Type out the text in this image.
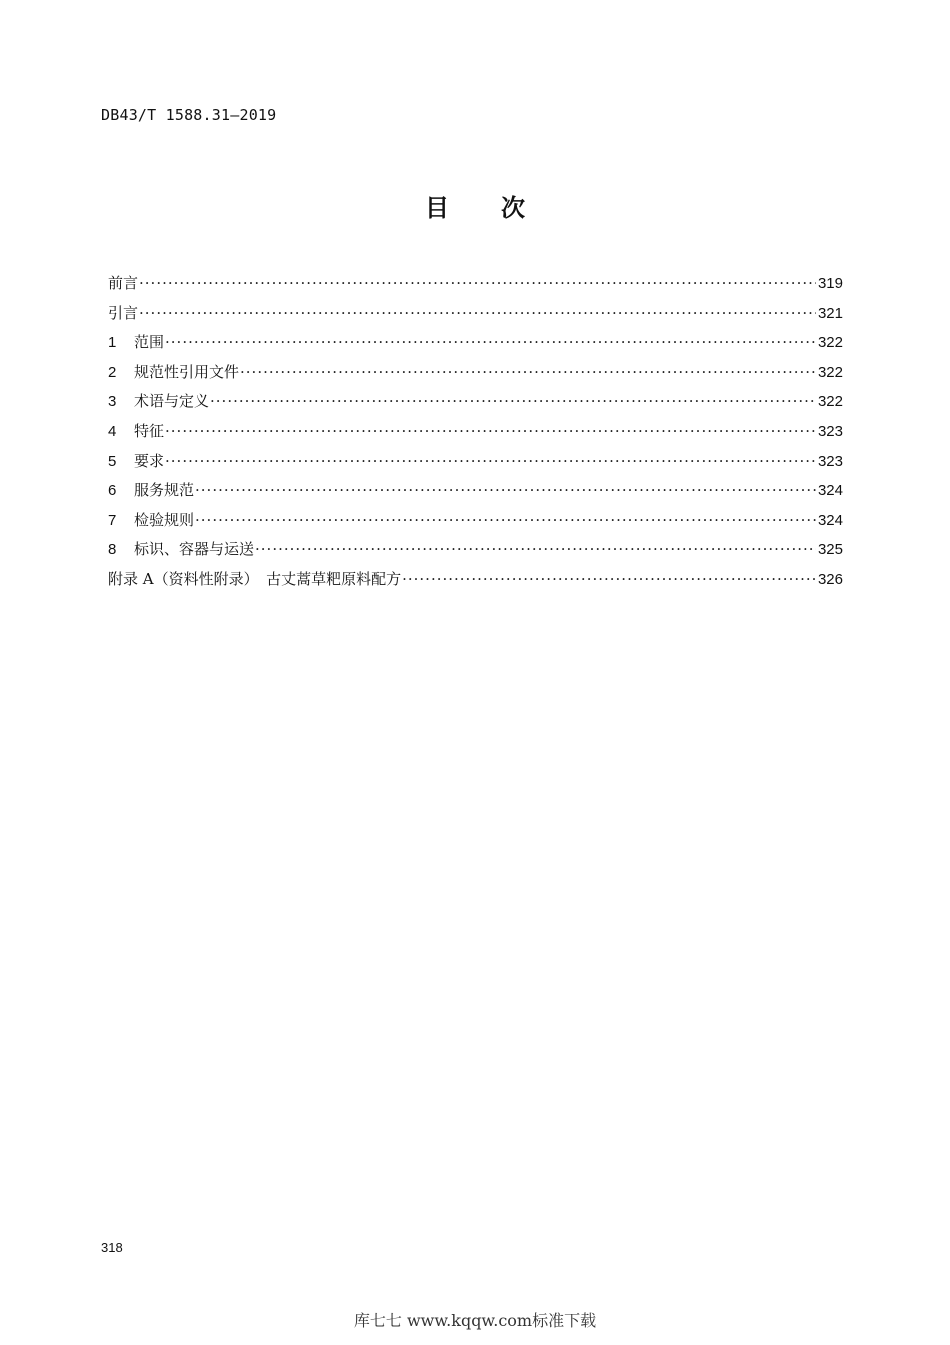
DB43/T 1588.31—2019
目 次
前言 ·····	319
引言 ·····	321
1	范围 ·····	322
2	规范性引用文件 ·····	322
3	术语与定义 ·····	322
4	特征 ·····	323
5	要求 ·····	323
6	服务规范 ·····	324
7	检验规则 ·····	324
8	标识、容器与运送 ·····	325
附录 A（资料性附录）　古丈蒿草粑原料配方 ·····	326
318
库七七 www.kqqw.com标准下载
